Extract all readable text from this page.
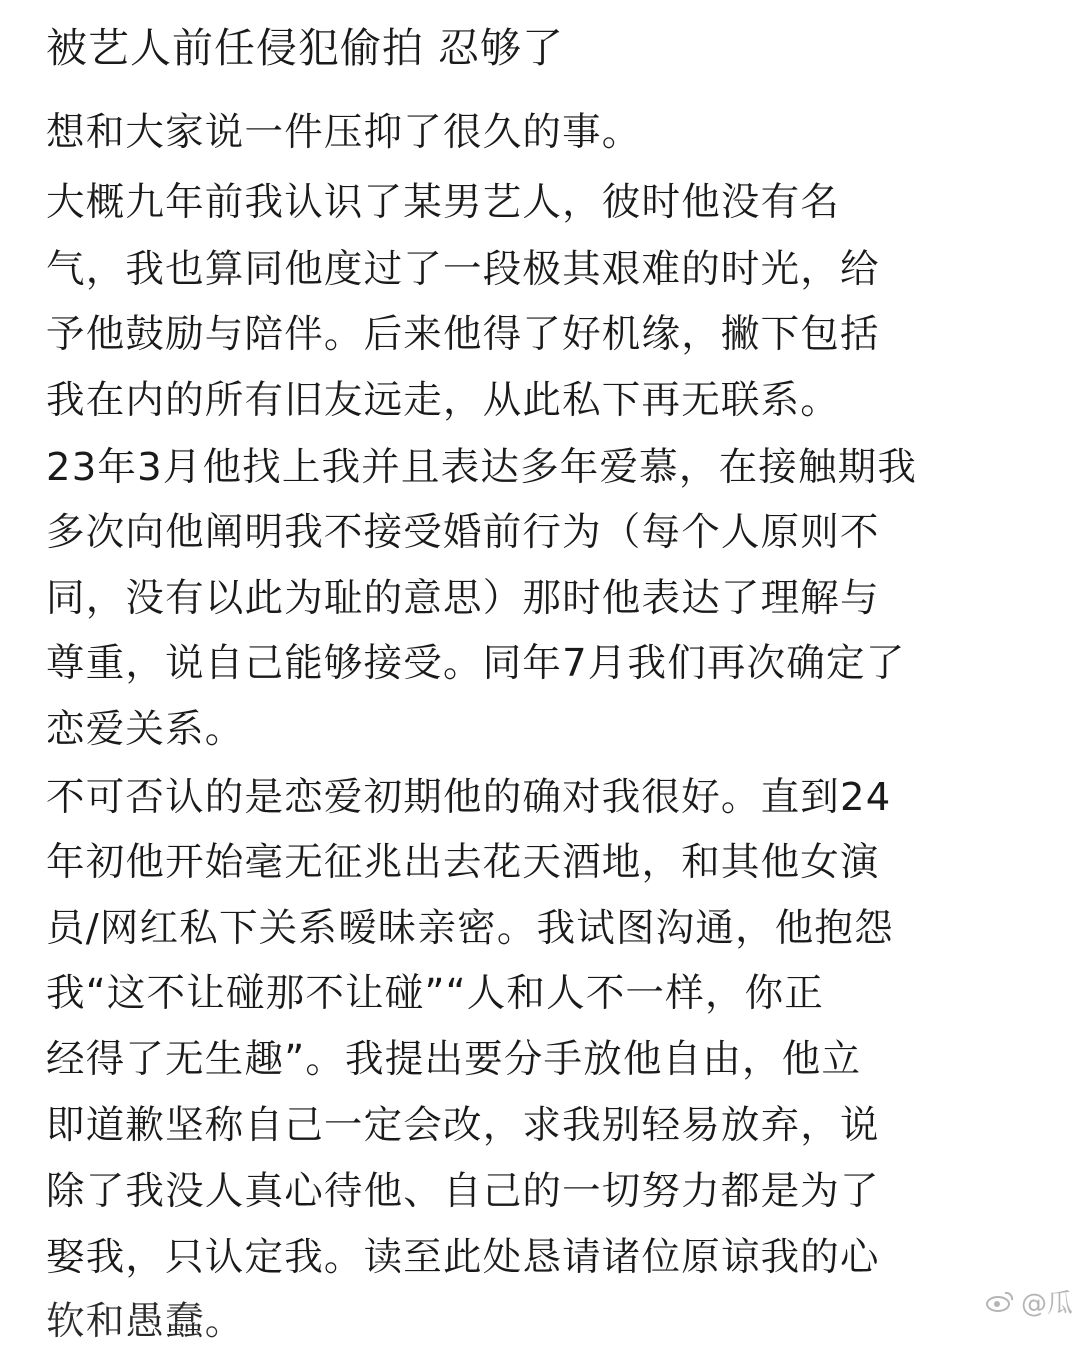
被艺人前任侵犯偷拍 忍够了
想和大家说一件压抑了很久的事。
大概九年前我认识了某男艺人，彼时他没有名
气，我也算同他度过了一段极其艰难的时光，给
予他鼓励与陪伴。后来他得了好机缘，撇下包括
我在内的所有旧友远走，从此私下再无联系。
23年3月他找上我并且表达多年爱慕，在接触期我
多次向他阐明我不接受婚前行为（每个人原则不
同，没有以此为耻的意思）那时他表达了理解与
尊重，说自己能够接受。同年7月我们再次确定了
恋爱关系。
不可否认的是恋爱初期他的确对我很好。直到24
年初他开始毫无征兆出去花天酒地，和其他女演
员/网红私下关系暧昧亲密。我试图沟通，他抱怨
我“这不让碰那不让碰”“人和人不一样，你正
经得了无生趣”。我提出要分手放他自由，他立
即道歉坚称自己一定会改，求我别轻易放弃，说
除了我没人真心待他、自己的一切努力都是为了
娶我，只认定我。读至此处恳请诸位原谅我的心
软和愚蠢。	@瓜
